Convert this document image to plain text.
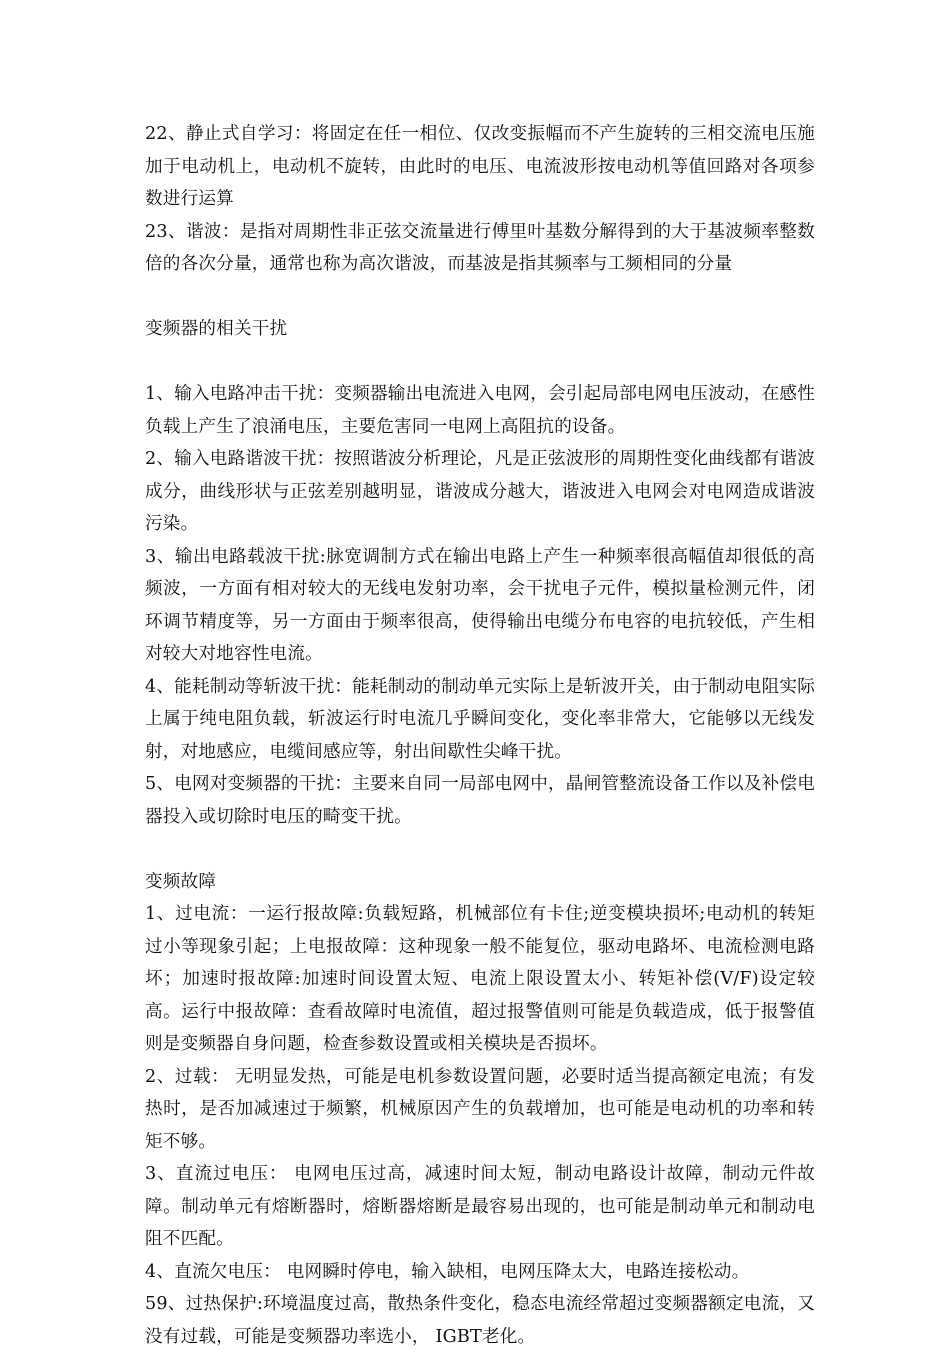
22、静止式自学习：将固定在任一相位、仅改变振幅而不产生旋转的三相交流电压施加于电动机上，电动机不旋转，由此时的电压、电流波形按电动机等值回路对各项参数进行运算

23、谐波：是指对周期性非正弦交流量进行傅里叶基数分解得到的大于基波频率整数倍的各次分量，通常也称为高次谐波，而基波是指其频率与工频相同的分量

变频器的相关干扰

1、输入电路冲击干扰：变频器输出电流进入电网，会引起局部电网电压波动，在感性负载上产生了浪涌电压，主要危害同一电网上高阻抗的设备。

2、输入电路谐波干扰：按照谐波分析理论，凡是正弦波形的周期性变化曲线都有谐波成分，曲线形状与正弦差别越明显，谐波成分越大，谐波进入电网会对电网造成谐波污染。

3、输出电路载波干扰:脉宽调制方式在输出电路上产生一种频率很高幅值却很低的高频波，一方面有相对较大的无线电发射功率，会干扰电子元件，模拟量检测元件，闭环调节精度等，另一方面由于频率很高，使得输出电缆分布电容的电抗较低，产生相对较大对地容性电流。

4、能耗制动等斩波干扰：能耗制动的制动单元实际上是斩波开关，由于制动电阻实际上属于纯电阻负载，斩波运行时电流几乎瞬间变化，变化率非常大，它能够以无线发射，对地感应，电缆间感应等，射出间歇性尖峰干扰。

5、电网对变频器的干扰：主要来自同一局部电网中，晶闸管整流设备工作以及补偿电器投入或切除时电压的畸变干扰。

变频故障

1、过电流：一运行报故障:负载短路，机械部位有卡住;逆变模块损坏;电动机的转矩过小等现象引起；上电报故障：这种现象一般不能复位，驱动电路坏、电流检测电路坏；加速时报故障:加速时间设置太短、电流上限设置太小、转矩补偿(V/F)设定较高。运行中报故障：查看故障时电流值，超过报警值则可能是负载造成，低于报警值则是变频器自身问题，检查参数设置或相关模块是否损坏。

2、过载： 无明显发热，可能是电机参数设置问题，必要时适当提高额定电流；有发热时，是否加减速过于频繁，机械原因产生的负载增加，也可能是电动机的功率和转矩不够。

3、直流过电压： 电网电压过高，减速时间太短，制动电路设计故障，制动元件故障。制动单元有熔断器时，熔断器熔断是最容易出现的，也可能是制动单元和制动电阻不匹配。

4、直流欠电压： 电网瞬时停电，输入缺相，电网压降太大，电路连接松动。

59、过热保护:环境温度过高，散热条件变化，稳态电流经常超过变频器额定电流，又没有过载，可能是变频器功率选小， IGBT老化。
